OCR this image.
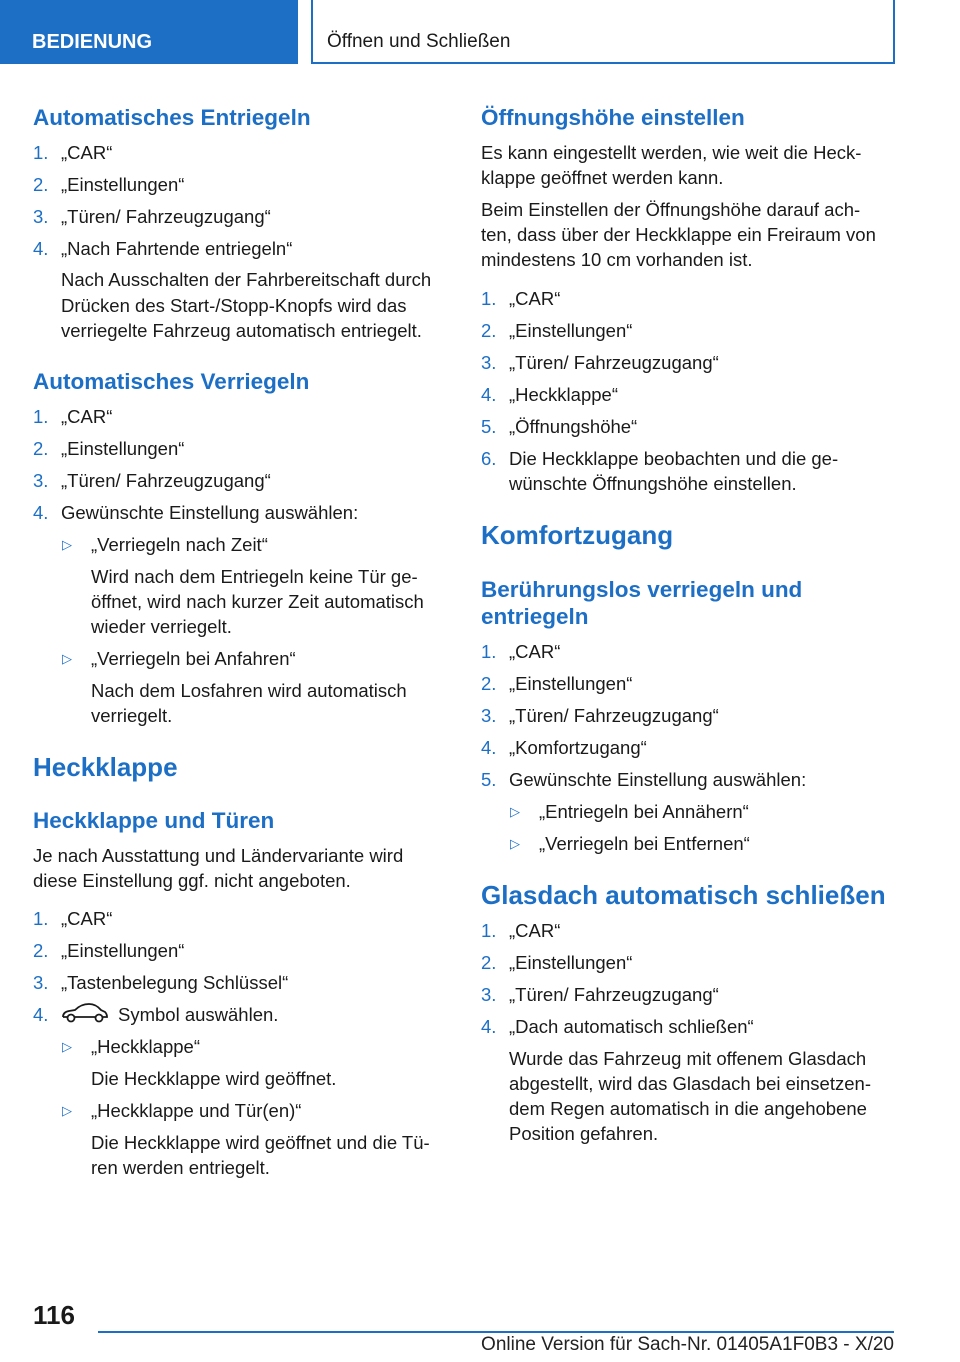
BEDIENUNG	Öffnen und Schließen
Automatisches Entriegeln
1. „CAR“
2. „Einstellungen“
3. „Türen/ Fahrzeugzugang“
4. „Nach Fahrtende entriegeln“
Nach Ausschalten der Fahrbereitschaft durch
Drücken des Start-/Stopp-Knopfs wird das
verriegelte Fahrzeug automatisch entriegelt.
Automatisches Verriegeln
1. „CAR“
2. „Einstellungen“
3. „Türen/ Fahrzeugzugang“
4. Gewünschte Einstellung auswählen:
▷ „Verriegeln nach Zeit“
Wird nach dem Entriegeln keine Tür ge‐
öffnet, wird nach kurzer Zeit automatisch
wieder verriegelt.
▷ „Verriegeln bei Anfahren“
Nach dem Losfahren wird automatisch
verriegelt.
Heckklappe
Heckklappe und Türen
Je nach Ausstattung und Ländervariante wird
diese Einstellung ggf. nicht angeboten.
1. „CAR“
2. „Einstellungen“
3. „Tastenbelegung Schlüssel“
4.	Symbol auswählen.
▷ „Heckklappe“
Die Heckklappe wird geöffnet.
▷ „Heckklappe und Tür(en)“
Die Heckklappe wird geöffnet und die Tü‐
ren werden entriegelt.
Öffnungshöhe einstellen
Es kann eingestellt werden, wie weit die Heck‐
klappe geöffnet werden kann.
Beim Einstellen der Öffnungshöhe darauf ach‐
ten, dass über der Heckklappe ein Freiraum von
mindestens 10 cm vorhanden ist.
1. „CAR“
2. „Einstellungen“
3. „Türen/ Fahrzeugzugang“
4. „Heckklappe“
5. „Öffnungshöhe“
6. Die Heckklappe beobachten und die ge‐
wünschte Öffnungshöhe einstellen.
Komfortzugang
Berührungslos verriegeln und
entriegeln
1. „CAR“
2. „Einstellungen“
3. „Türen/ Fahrzeugzugang“
4. „Komfortzugang“
5. Gewünschte Einstellung auswählen:
▷ „Entriegeln bei Annähern“
▷ „Verriegeln bei Entfernen“
Glasdach automatisch schließen
1. „CAR“
2. „Einstellungen“
3. „Türen/ Fahrzeugzugang“
4. „Dach automatisch schließen“
Wurde das Fahrzeug mit offenem Glasdach
abgestellt, wird das Glasdach bei einsetzen‐
dem Regen automatisch in die angehobene
Position gefahren.
116
Online Version für Sach-Nr. 01405A1F0B3 - X/20
